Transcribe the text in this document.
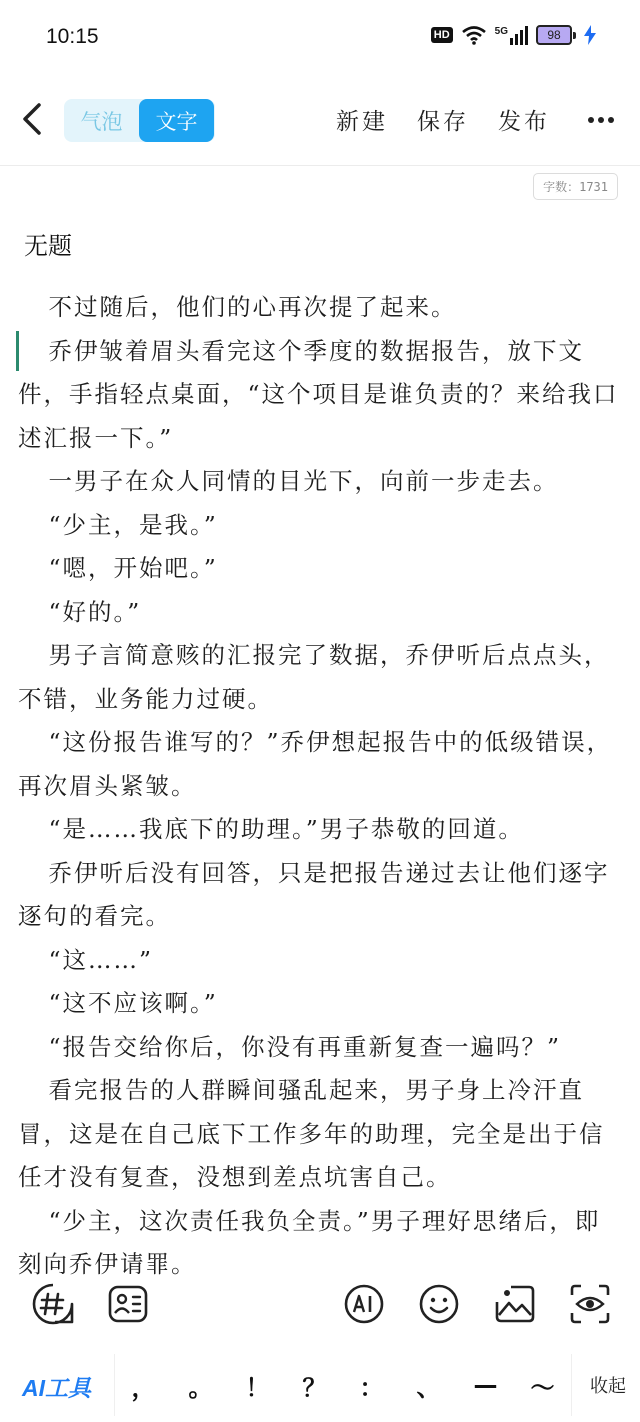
10:15	HD	5G	98
气泡	文字	新建 保存 发布
字数：1731
无题

不过随后，他们的心再次提了起来。

乔伊皱着眉头看完这个季度的数据报告，放下文件，手指轻点桌面，“这个项目是谁负责的？来给我口述汇报一下。”

一男子在众人同情的目光下，向前一步走去。

“少主，是我。”

“嗯，开始吧。”

“好的。”

男子言简意赅的汇报完了数据，乔伊听后点点头，不错，业务能力过硬。

“这份报告谁写的？”乔伊想起报告中的低级错误，再次眉头紧皱。

“是……我底下的助理。”男子恭敬的回道。

乔伊听后没有回答，只是把报告递过去让他们逐字逐句的看完。

“这……”

“这不应该啊。”

“报告交给你后，你没有再重新复查一遍吗？”

看完报告的人群瞬间骚乱起来，男子身上冷汗直冒，这是在自己底下工作多年的助理，完全是出于信任才没有复查，没想到差点坑害自己。

“少主，这次责任我负全责。”男子理好思绪后，即刻向乔伊请罪。

AI工具	，	。	！	？	：	、	—	～	收起
